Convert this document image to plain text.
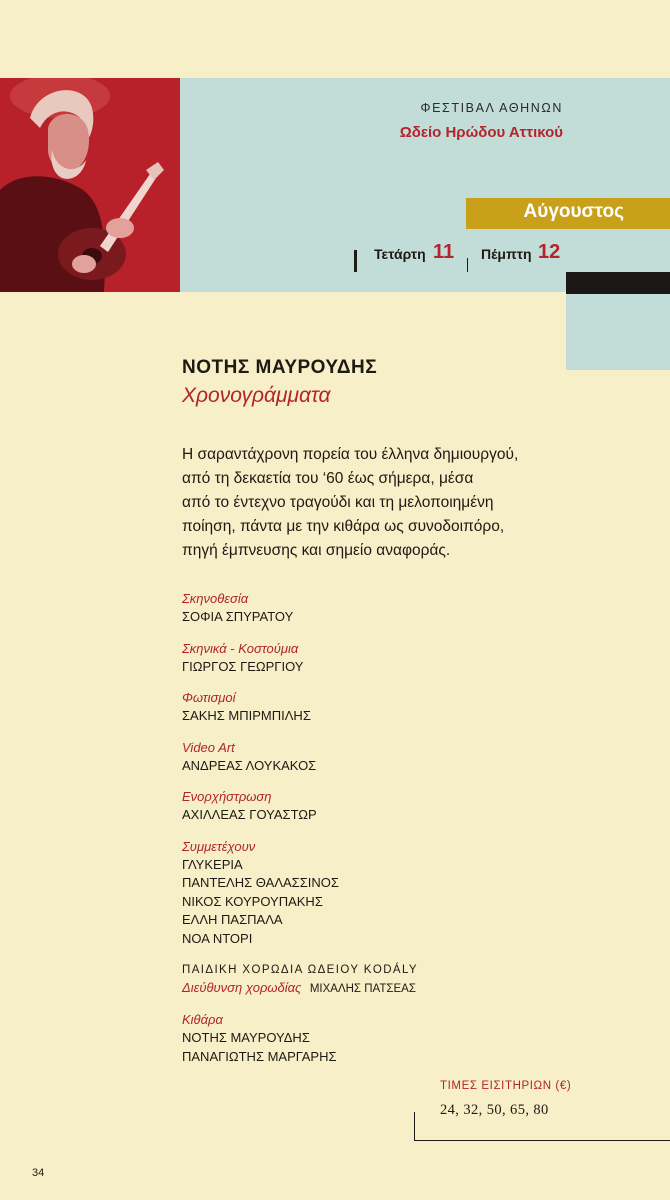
ΦΕΣΤΙΒΑΛ ΑΘΗΝΩΝ
Ωδείο Ηρώδου Αττικού
Αύγουστος
Τετάρτη 11 Πέμπτη 12
ΝΟΤΗΣ ΜΑΥΡΟΥΔΗΣ
Χρονογράμματα
Η σαραντάχρονη πορεία του έλληνα δημιουργού,
από τη δεκαετία του ‘60 έως σήμερα, μέσα
από το έντεχνο τραγούδι και τη μελοποιημένη
ποίηση, πάντα με την κιθάρα ως συνοδοιπόρο,
πηγή έμπνευσης και σημείο αναφοράς.
Σκηνοθεσία
ΣΟΦΙΑ ΣΠΥΡΑΤΟΥ
Σκηνικά - Κοστούμια
ΓΙΩΡΓΟΣ ΓΕΩΡΓΙΟΥ
Φωτισμοί
ΣΑΚΗΣ ΜΠΙΡΜΠΙΛΗΣ
Video Art
ΑΝΔΡΕΑΣ ΛΟΥΚΑΚΟΣ
Ενορχήστρωση
ΑΧΙΛΛΕΑΣ ΓΟΥΑΣΤΩΡ
Συμμετέχουν
ΓΛΥΚΕΡΙΑ
ΠΑΝΤΕΛΗΣ ΘΑΛΑΣΣΙΝΟΣ
ΝΙΚΟΣ ΚΟΥΡΟΥΠΑΚΗΣ
ΕΛΛΗ ΠΑΣΠΑΛΑ
ΝΟΑ ΝΤΟΡΙ
ΠΑΙΔΙΚΗ ΧΟΡΩΔΙΑ ΩΔΕΙΟΥ KODÁLY
Διεύθυνση χορωδίας ΜΙΧΑΛΗΣ ΠΑΤΣΕΑΣ
Κιθάρα
ΝΟΤΗΣ ΜΑΥΡΟΥΔΗΣ
ΠΑΝΑΓΙΩΤΗΣ ΜΑΡΓΑΡΗΣ
ΤΙΜΕΣ ΕΙΣΙΤΗΡΙΩΝ (€)
24, 32, 50, 65, 80
34
